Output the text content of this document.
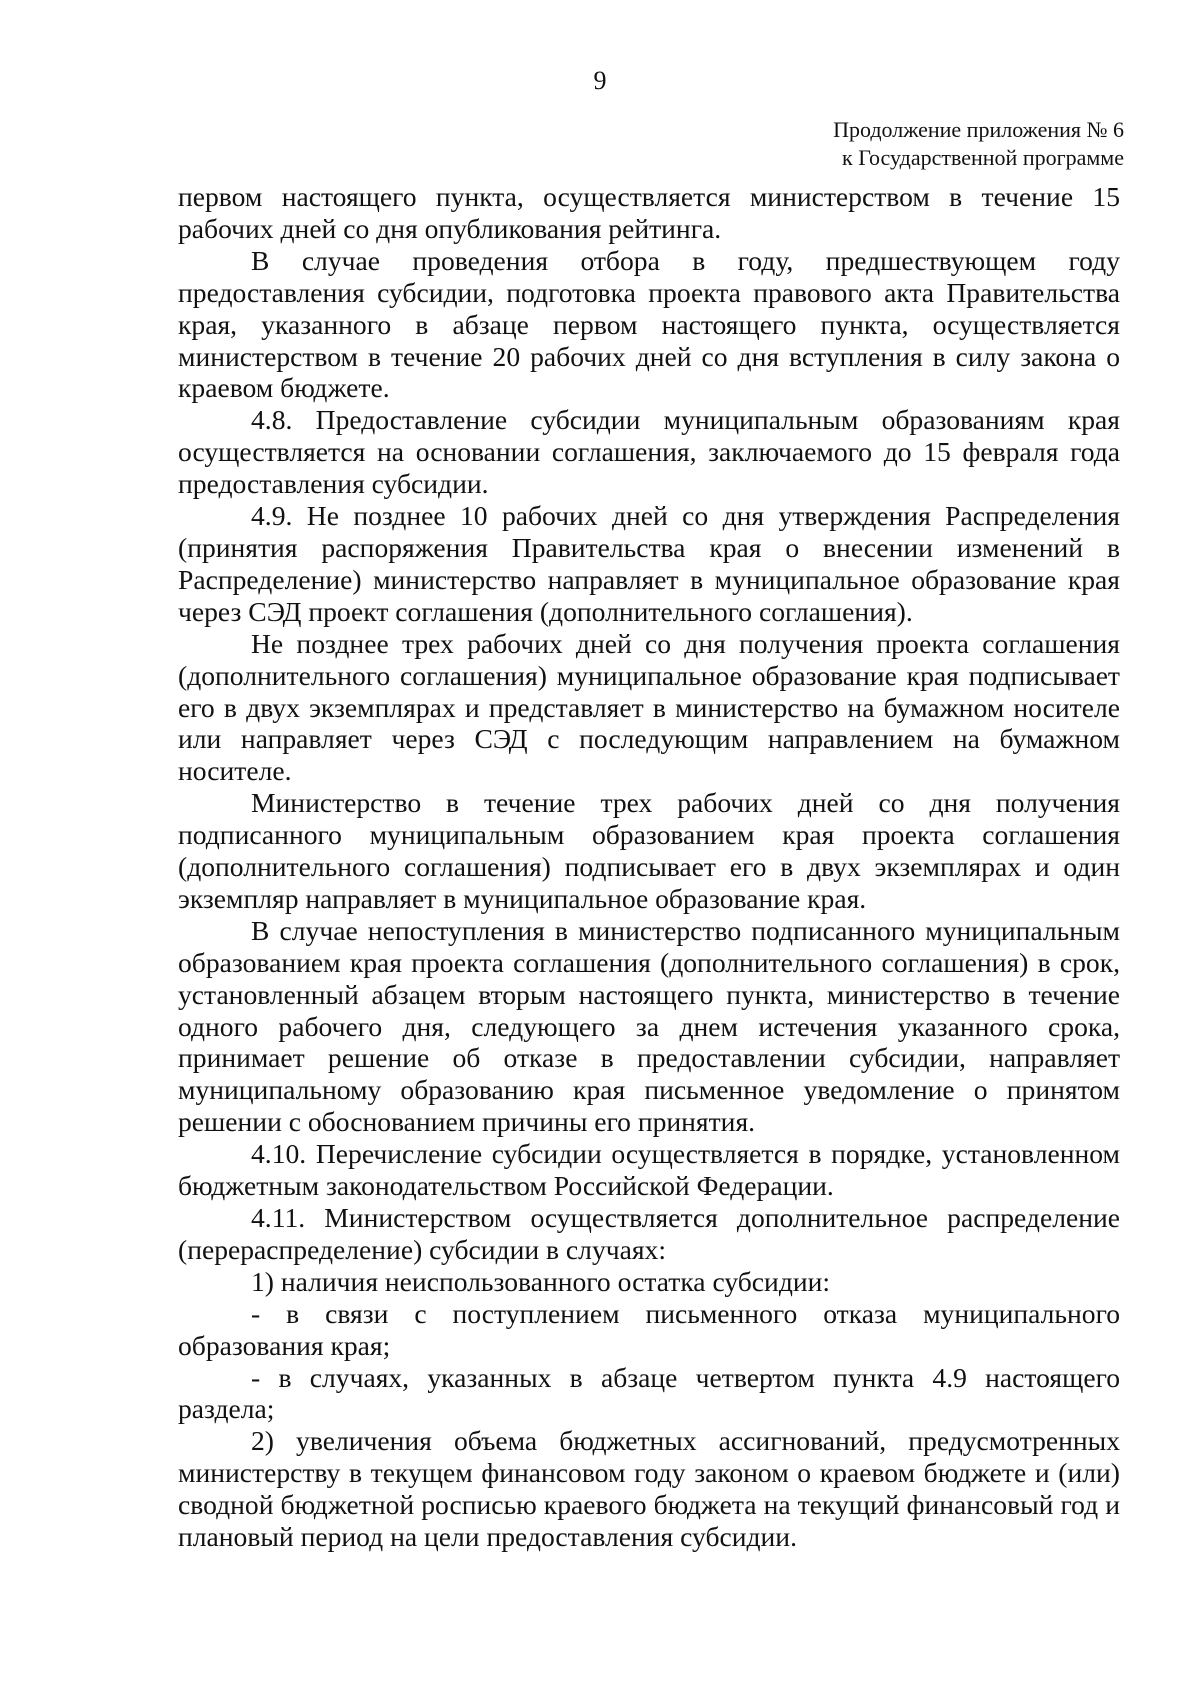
9
Продолжение приложения № 6
к Государственной программе

первом настоящего пункта, осуществляется министерством в течение 15 рабочих дней со дня опубликования рейтинга.

В случае проведения отбора в году, предшествующем году предоставления субсидии, подготовка проекта правового акта Правительства края, указанного в абзаце первом настоящего пункта, осуществляется министерством в течение 20 рабочих дней со дня вступления в силу закона о краевом бюджете.

4.8. Предоставление субсидии муниципальным образованиям края осуществляется на основании соглашения, заключаемого до 15 февраля года предоставления субсидии.

4.9. Не позднее 10 рабочих дней со дня утверждения Распределения (принятия распоряжения Правительства края о внесении изменений в Распределение) министерство направляет в муниципальное образование края через СЭД проект соглашения (дополнительного соглашения).

Не позднее трех рабочих дней со дня получения проекта соглашения (дополнительного соглашения) муниципальное образование края подписывает его в двух экземплярах и представляет в министерство на бумажном носителе или направляет через СЭД с последующим направлением на бумажном носителе.

Министерство в течение трех рабочих дней со дня получения подписанного муниципальным образованием края проекта соглашения (дополнительного соглашения) подписывает его в двух экземплярах и один экземпляр направляет в муниципальное образование края.

В случае непоступления в министерство подписанного муниципальным образованием края проекта соглашения (дополнительного соглашения) в срок, установленный абзацем вторым настоящего пункта, министерство в течение одного рабочего дня, следующего за днем истечения указанного срока, принимает решение об отказе в предоставлении субсидии, направляет муниципальному образованию края письменное уведомление о принятом решении с обоснованием причины его принятия.

4.10. Перечисление субсидии осуществляется в порядке, установленном бюджетным законодательством Российской Федерации.

4.11. Министерством осуществляется дополнительное распределение (перераспределение) субсидии в случаях:

1) наличия неиспользованного остатка субсидии:

- в связи с поступлением письменного отказа муниципального образования края;

- в случаях, указанных в абзаце четвертом пункта 4.9 настоящего раздела;

2) увеличения объема бюджетных ассигнований, предусмотренных министерству в текущем финансовом году законом о краевом бюджете и (или) сводной бюджетной росписью краевого бюджета на текущий финансовый год и плановый период на цели предоставления субсидии.
